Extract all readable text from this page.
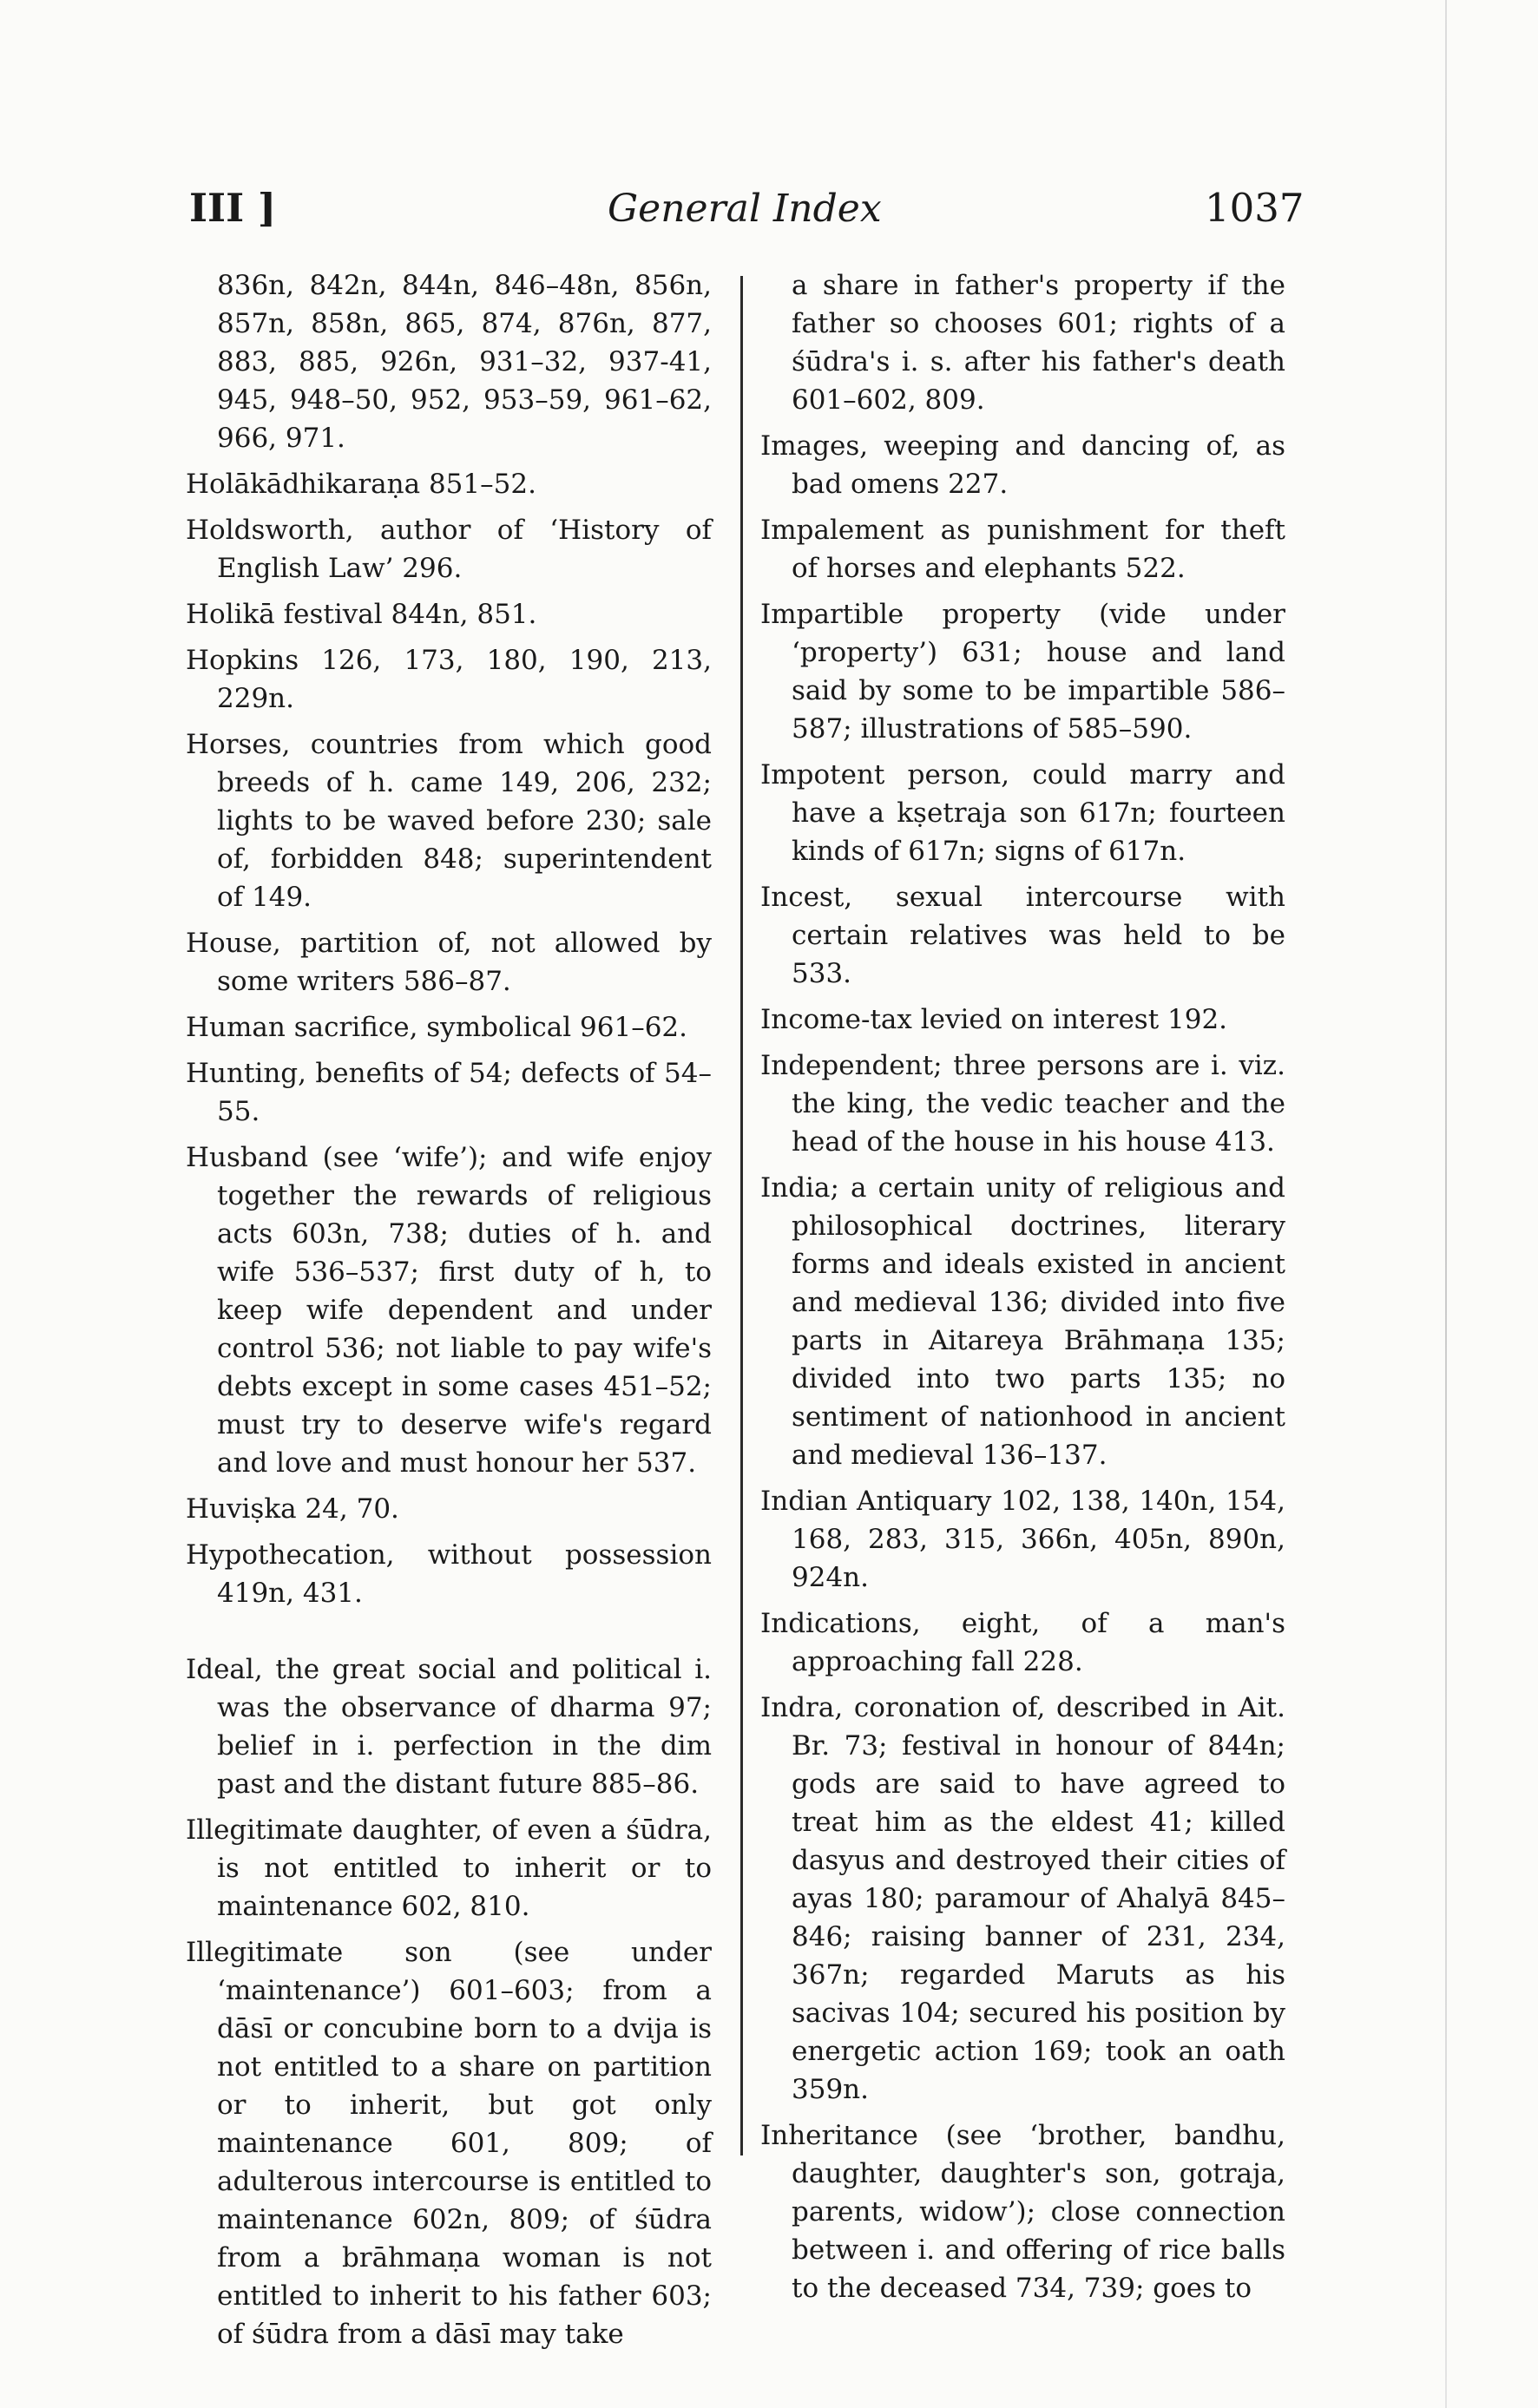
III ]	General Index	1037

836n, 842n, 844n, 846–48n, 856n, 857n, 858n, 865, 874, 876n, 877, 883, 885, 926n, 931–32, 937-41, 945, 948–50, 952, 953–59, 961–62, 966, 971.

Holākādhikaraṇa 851–52.

Holdsworth, author of ‘History of English Law’ 296.

Holikā festival 844n, 851.

Hopkins 126, 173, 180, 190, 213, 229n.

Horses, countries from which good breeds of h. came 149, 206, 232; lights to be waved before 230; sale of, forbidden 848; superintendent of 149.

House, partition of, not allowed by some writers 586–87.

Human sacrifice, symbolical 961–62.

Hunting, benefits of 54; defects of 54–55.

Husband (see ‘wife’); and wife enjoy together the rewards of religious acts 603n, 738; duties of h. and wife 536–537; first duty of h, to keep wife dependent and under control 536; not liable to pay wife's debts except in some cases 451–52; must try to deserve wife's regard and love and must honour her 537.

Huviṣka 24, 70.

Hypothecation, without possession 419n, 431.

Ideal, the great social and political i. was the observance of dharma 97; belief in i. perfection in the dim past and the distant future 885–86.

Illegitimate daughter, of even a śūdra, is not entitled to inherit or to maintenance 602, 810.

Illegitimate son (see under ‘maintenance’) 601–603; from a dāsī or concubine born to a dvija is not entitled to a share on partition or to inherit, but got only maintenance 601, 809; of adulterous intercourse is entitled to maintenance 602n, 809; of śūdra from a brāhmaṇa woman is not entitled to inherit to his father 603; of śūdra from a dāsī may take

a share in father's property if the father so chooses 601; rights of a śūdra's i. s. after his father's death 601–602, 809.

Images, weeping and dancing of, as bad omens 227.

Impalement as punishment for theft of horses and elephants 522.

Impartible property (vide under ‘property’) 631; house and land said by some to be impartible 586–587; illustrations of 585–590.

Impotent person, could marry and have a kṣetraja son 617n; fourteen kinds of 617n; signs of 617n.

Incest, sexual intercourse with certain relatives was held to be 533.

Income-tax levied on interest 192.

Independent; three persons are i. viz. the king, the vedic teacher and the head of the house in his house 413.

India; a certain unity of religious and philosophical doctrines, literary forms and ideals existed in ancient and medieval 136; divided into five parts in Aitareya Brāhmaṇa 135; divided into two parts 135; no sentiment of nationhood in ancient and medieval 136–137.

Indian Antiquary 102, 138, 140n, 154, 168, 283, 315, 366n, 405n, 890n, 924n.

Indications, eight, of a man's approaching fall 228.

Indra, coronation of, described in Ait. Br. 73; festival in honour of 844n; gods are said to have agreed to treat him as the eldest 41; killed dasyus and destroyed their cities of ayas 180; paramour of Ahalyā 845–846; raising banner of 231, 234, 367n; regarded Maruts as his sacivas 104; secured his position by energetic action 169; took an oath 359n.

Inheritance (see ‘brother, bandhu, daughter, daughter's son, gotraja, parents, widow’); close connection between i. and offering of rice balls to the deceased 734, 739; goes to
